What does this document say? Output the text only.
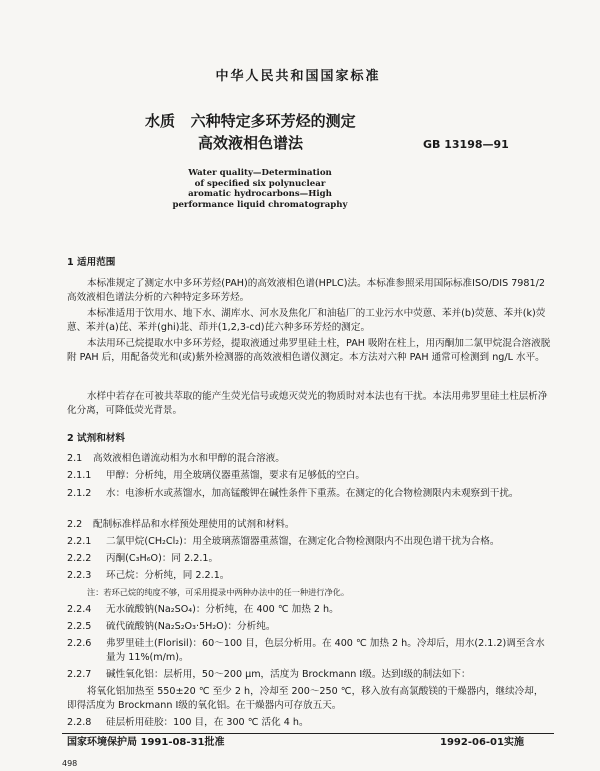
中华人民共和国国家标准
水质   六种特定多环芳烃的测定
高效液相色谱法	GB 13198—91
Water quality—Determination
of specified six polynuclear
aromatic hydrocarbons—High
performance liquid chromatography
1 适用范围
本标准规定了测定水中多环芳烃(PAH)的高效液相色谱(HPLC)法。本标准参照采用国际标准ISO/DIS 7981/2 高效液相色谱法分析的六种特定多环芳烃。
本标准适用于饮用水、地下水、湖库水、河水及焦化厂和油毡厂的工业污水中荧蒽、苯并(b)荧蒽、苯并(k)荧蒽、苯并(a)芘、苯并(ghi)苝、茚并(1,2,3-cd)芘六种多环芳烃的测定。
本法用环己烷提取水中多环芳烃，提取液通过弗罗里硅土柱，PAH 吸附在柱上，用丙酮加二氯甲烷混合溶液脱附 PAH 后，用配备荧光和(或)紫外检测器的高效液相色谱仪测定。本方法对六种 PAH 通常可检测到 ng/L 水平。
水样中若存在可被共萃取的能产生荧光信号或熄灭荧光的物质时对本法也有干扰。本法用弗罗里硅土柱层析净化分离，可降低荧光背景。
2 试剂和材料
2.1 高效液相色谱流动相为水和甲醇的混合溶液。
2.1.1 甲醇：分析纯，用全玻璃仪器重蒸馏，要求有足够低的空白。
2.1.2 水：电渗析水或蒸馏水，加高锰酸钾在碱性条件下重蒸。在测定的化合物检测限内未观察到干扰。
2.2 配制标准样品和水样预处理使用的试剂和材料。
2.2.1 二氯甲烷(CH₂Cl₂)：用全玻璃蒸馏器重蒸馏，在测定化合物检测限内不出现色谱干扰为合格。
2.2.2 丙酮(C₃H₆O)：同 2.2.1。
2.2.3 环己烷：分析纯，同 2.2.1。
注：若环己烷的纯度不够，可采用提录中两种办法中的任一种进行净化。
2.2.4 无水硫酸钠(Na₂SO₄)：分析纯，在 400 ℃ 加热 2 h。
2.2.5 硫代硫酸钠(Na₂S₂O₃·5H₂O)：分析纯。
2.2.6 弗罗里硅土(Florisil)：60～100 目，色层分析用。在 400 ℃ 加热 2 h。冷却后，用水(2.1.2)调至含水量为 11%(m/m)。
2.2.7 碱性氧化铝：层析用，50～200 μm，活度为 Brockmann Ⅰ级。达到Ⅰ级的制法如下：
将氧化铝加热至 550±20 ℃ 至少 2 h，冷却至 200～250 ℃，移入放有高氯酸镁的干燥器内，继续冷却，即得活度为 Brockmann Ⅰ级的氧化铝。在干燥器内可存放五天。
2.2.8 硅层析用硅胶：100 目，在 300 ℃ 活化 4 h。
国家环境保护局 1991-08-31批准	1992-06-01实施
498
